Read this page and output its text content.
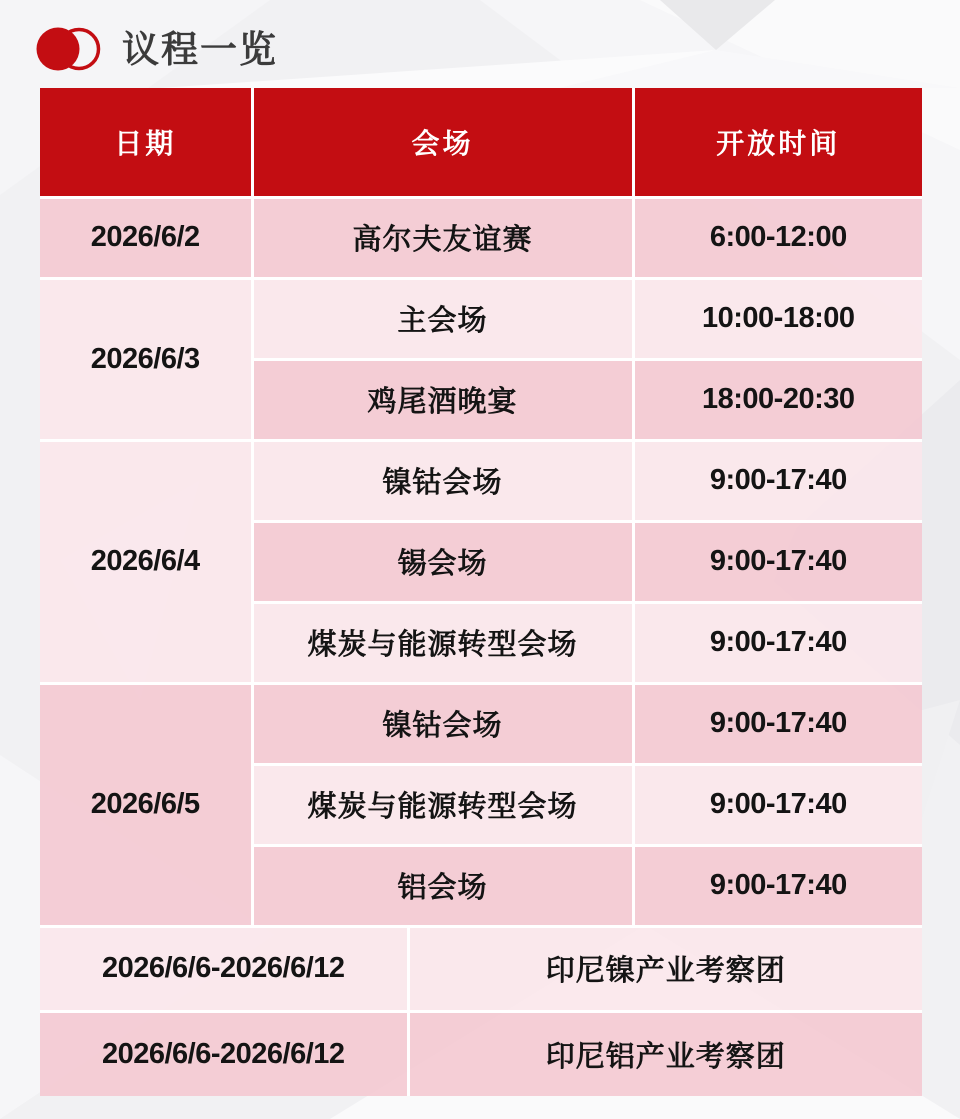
议程一览
日期	会场		开放时间
2026/6/2	高尔夫友谊赛		6:00-12:00
2026/6/3	主会场		10:00-18:00
	鸡尾酒晚宴		18:00-20:30
2026/6/4	镍钴会场		9:00-17:40
	锡会场		9:00-17:40
	煤炭与能源转型会场		9:00-17:40
2026/6/5	镍钴会场		9:00-17:40
	煤炭与能源转型会场		9:00-17:40
	铝会场		9:00-17:40
2026/6/6-2026/6/12		印尼镍产业考察团	
2026/6/6-2026/6/12		印尼铝产业考察团	
